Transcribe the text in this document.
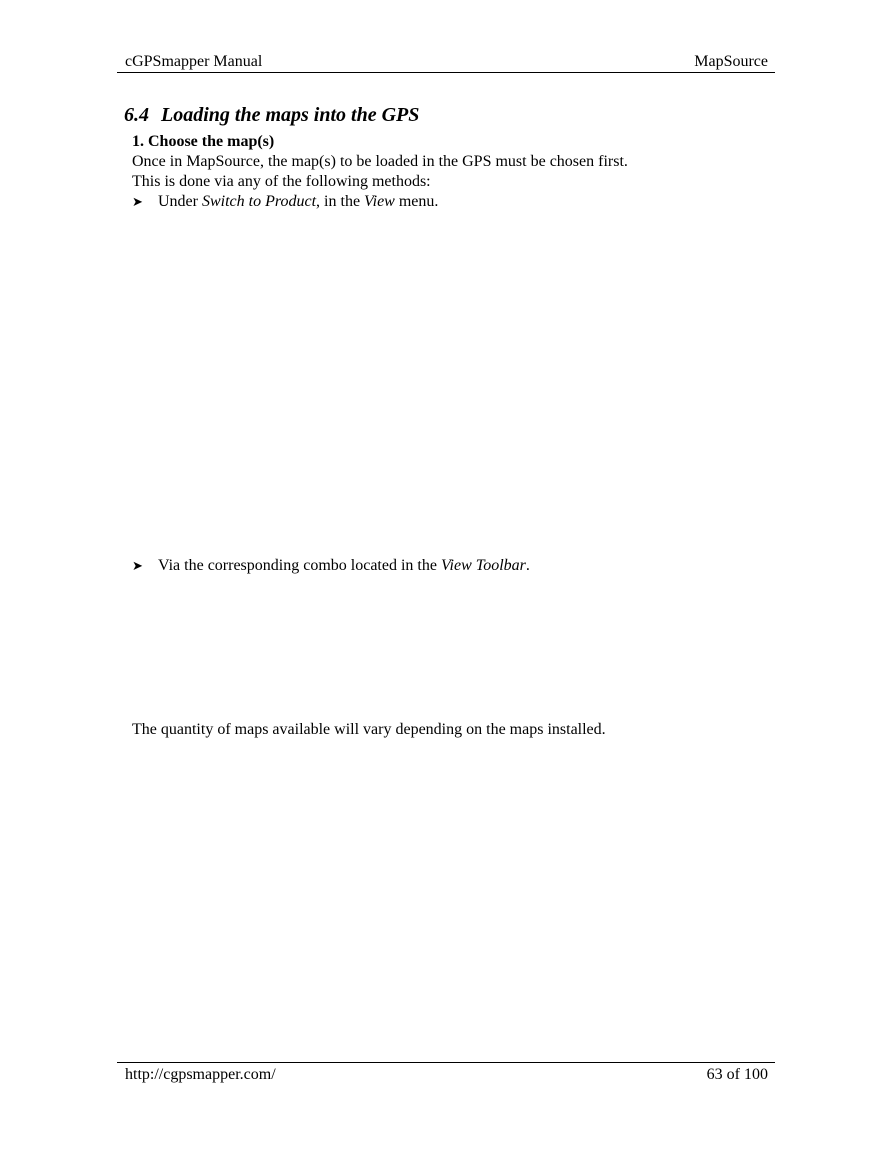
cGPSmapper Manual	MapSource
6.4 Loading the maps into the GPS
1. Choose the map(s)
Once in MapSource, the map(s) to be loaded in the GPS must be chosen first.
This is done via any of the following methods:
➤ Under Switch to Product, in the View menu.
➤ Via the corresponding combo located in the View Toolbar.
The quantity of maps available will vary depending on the maps installed.
http://cgpsmapper.com/	63 of 100
